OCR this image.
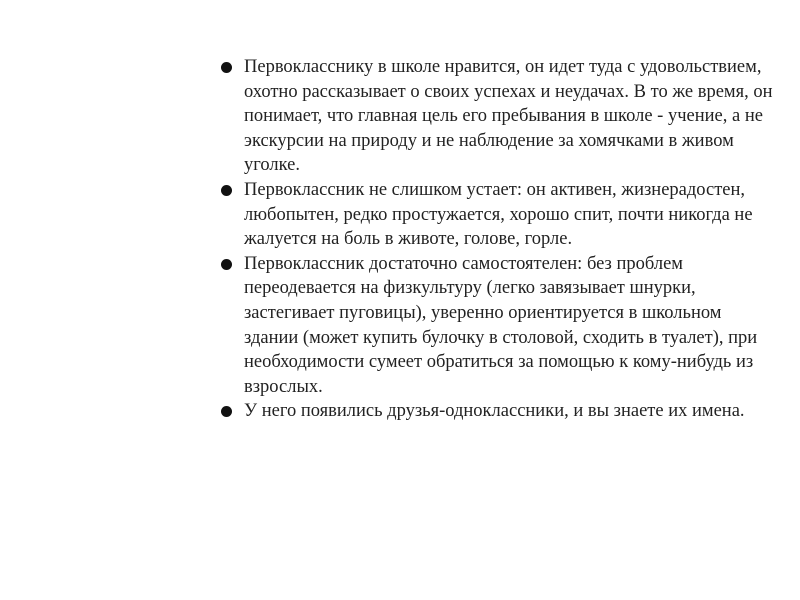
Первокласснику в школе нравится, он идет туда с удовольствием, охотно рассказывает о своих успехах и неудачах. В то же время, он понимает, что главная цель его пребывания в школе - учение, а не экскурсии на природу и не наблюдение за хомячками в живом уголке.
Первоклассник не слишком устает: он активен, жизнерадостен, любопытен, редко простужается, хорошо спит, почти никогда не жалуется на боль в животе, голове, горле.
Первоклассник достаточно самостоятелен: без проблем переодевается на физкультуру (легко завязывает шнурки, застегивает пуговицы), уверенно ориентируется в школьном здании (может купить булочку в столовой, сходить в туалет), при необходимости сумеет обратиться за помощью к кому-нибудь из взрослых.
У него появились друзья-одноклассники, и вы знаете их имена.
